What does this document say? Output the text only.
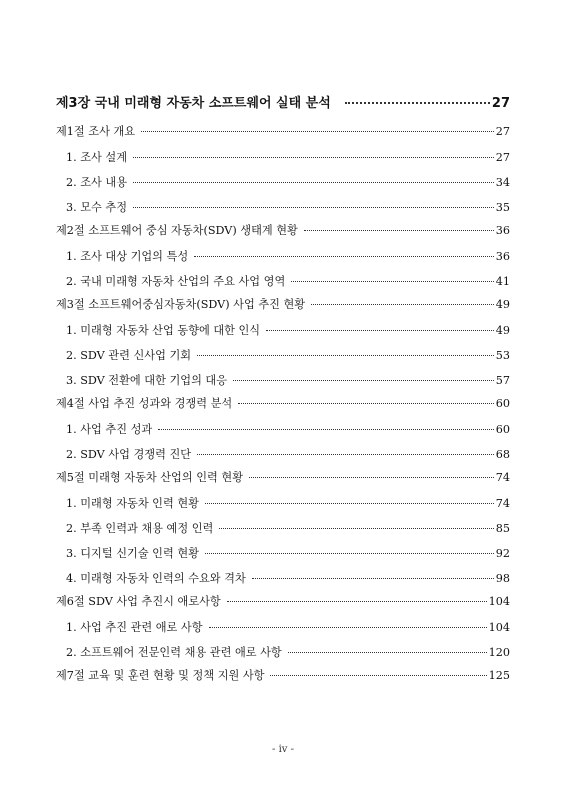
제3장 국내 미래형 자동차 소프트웨어 실태 분석	27
제1절 조사 개요	27
1. 조사 설계	27
2. 조사 내용	34
3. 모수 추정	35
제2절 소프트웨어 중심 자동차(SDV) 생태계 현황	36
1. 조사 대상 기업의 특성	36
2. 국내 미래형 자동차 산업의 주요 사업 영역	41
제3절 소프트웨어중심자동차(SDV) 사업 추진 현황	49
1. 미래형 자동차 산업 동향에 대한 인식	49
2. SDV 관련 신사업 기회	53
3. SDV 전환에 대한 기업의 대응	57
제4절 사업 추진 성과와 경쟁력 분석	60
1. 사업 추진 성과	60
2. SDV 사업 경쟁력 진단	68
제5절 미래형 자동차 산업의 인력 현황	74
1. 미래형 자동차 인력 현황	74
2. 부족 인력과 채용 예정 인력	85
3. 디지털 신기술 인력 현황	92
4. 미래형 자동차 인력의 수요와 격차	98
제6절 SDV 사업 추진시 애로사항	104
1. 사업 추진 관련 애로 사항	104
2. 소프트웨어 전문인력 채용 관련 애로 사항	120
제7절 교육 및 훈련 현황 및 정책 지원 사항	125
- iv -
